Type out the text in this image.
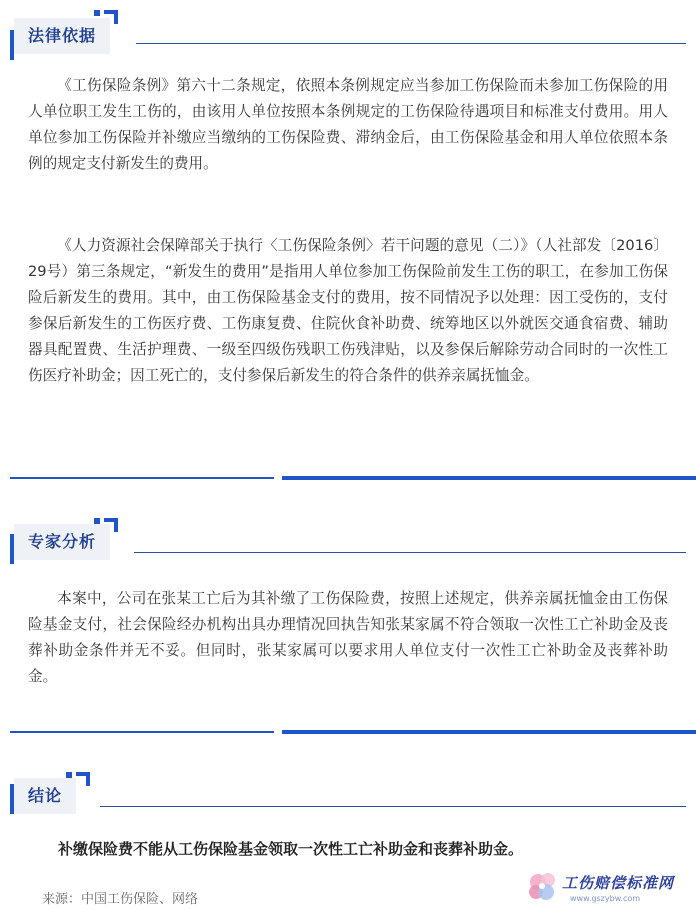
法律依据

《工伤保险条例》第六十二条规定，依照本条例规定应当参加工伤保险而未参加工伤保险的用人单位职工发生工伤的，由该用人单位按照本条例规定的工伤保险待遇项目和标准支付费用。用人单位参加工伤保险并补缴应当缴纳的工伤保险费、滞纳金后，由工伤保险基金和用人单位依照本条例的规定支付新发生的费用。

《人力资源社会保障部关于执行〈工伤保险条例〉若干问题的意见（二）》（人社部发〔2016〕29号）第三条规定，“新发生的费用”是指用人单位参加工伤保险前发生工伤的职工，在参加工伤保险后新发生的费用。其中，由工伤保险基金支付的费用，按不同情况予以处理：因工受伤的，支付参保后新发生的工伤医疗费、工伤康复费、住院伙食补助费、统筹地区以外就医交通食宿费、辅助器具配置费、生活护理费、一级至四级伤残职工伤残津贴，以及参保后解除劳动合同时的一次性工伤医疗补助金；因工死亡的，支付参保后新发生的符合条件的供养亲属抚恤金。

专家分析

本案中，公司在张某工亡后为其补缴了工伤保险费，按照上述规定，供养亲属抚恤金由工伤保险基金支付，社会保险经办机构出具办理情况回执告知张某家属不符合领取一次性工亡补助金及丧葬补助金条件并无不妥。但同时，张某家属可以要求用人单位支付一次性工亡补助金及丧葬补助金。

结论

补缴保险费不能从工伤保险基金领取一次性工亡补助金和丧葬补助金。

来源：中国工伤保险、网络
工伤赔偿标准网
www.gszybw.com
